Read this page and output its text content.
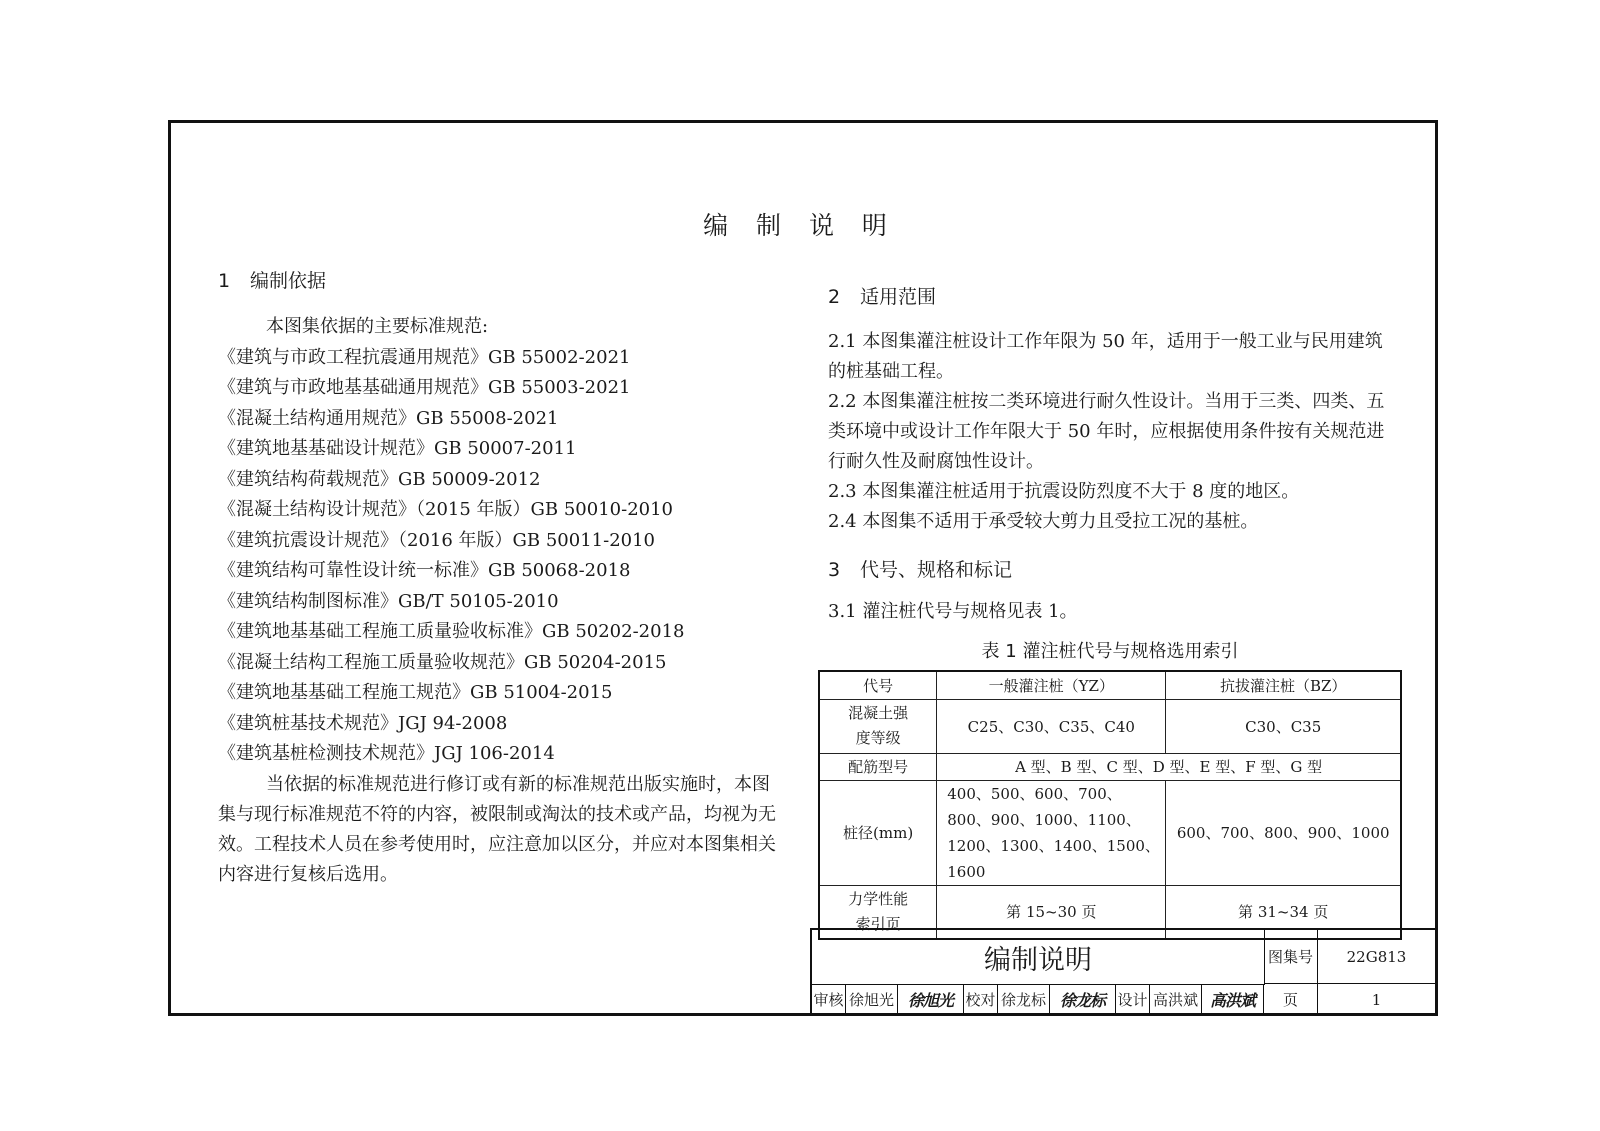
编 制 说 明
1 编制依据
本图集依据的主要标准规范:
《建筑与市政工程抗震通用规范》GB 55002-2021
《建筑与市政地基基础通用规范》GB 55003-2021
《混凝土结构通用规范》GB 55008-2021
《建筑地基基础设计规范》GB 50007-2011
《建筑结构荷载规范》GB 50009-2012
《混凝土结构设计规范》（2015 年版）GB 50010-2010
《建筑抗震设计规范》（2016 年版）GB 50011-2010
《建筑结构可靠性设计统一标准》GB 50068-2018
《建筑结构制图标准》GB/T 50105-2010
《建筑地基基础工程施工质量验收标准》GB 50202-2018
《混凝土结构工程施工质量验收规范》GB 50204-2015
《建筑地基基础工程施工规范》GB 51004-2015
《建筑桩基技术规范》JGJ 94-2008
《建筑基桩检测技术规范》JGJ 106-2014
当依据的标准规范进行修订或有新的标准规范出版实施时，本图集与现行标准规范不符的内容，被限制或淘汰的技术或产品，均视为无效。工程技术人员在参考使用时，应注意加以区分，并应对本图集相关内容进行复核后选用。
2 适用范围
2.1 本图集灌注桩设计工作年限为 50 年，适用于一般工业与民用建筑的桩基础工程。
2.2 本图集灌注桩按二类环境进行耐久性设计。当用于三类、四类、五类环境中或设计工作年限大于 50 年时，应根据使用条件按有关规范进行耐久性及耐腐蚀性设计。
2.3 本图集灌注桩适用于抗震设防烈度不大于 8 度的地区。
2.4 本图集不适用于承受较大剪力且受拉工况的基桩。
3 代号、规格和标记
3.1 灌注桩代号与规格见表 1。
表 1 灌注桩代号与规格选用索引
代号	一般灌注桩（YZ）	抗拔灌注桩（BZ）
混凝土强度等级	C25、C30、C35、C40	C30、C35
配筋型号	A 型、B 型、C 型、D 型、E 型、F 型、G 型	
桩径(mm)	400、500、600、700、800、900、1000、1100、1200、1300、1400、1500、1600	600、700、800、900、1000
力学性能索引页	第 15~30 页	第 31~34 页
编制说明	图集号	22G813
审核 徐旭光 徐旭光 校对 徐龙标 徐龙标 设计 高洪斌 高洪斌	页	1
